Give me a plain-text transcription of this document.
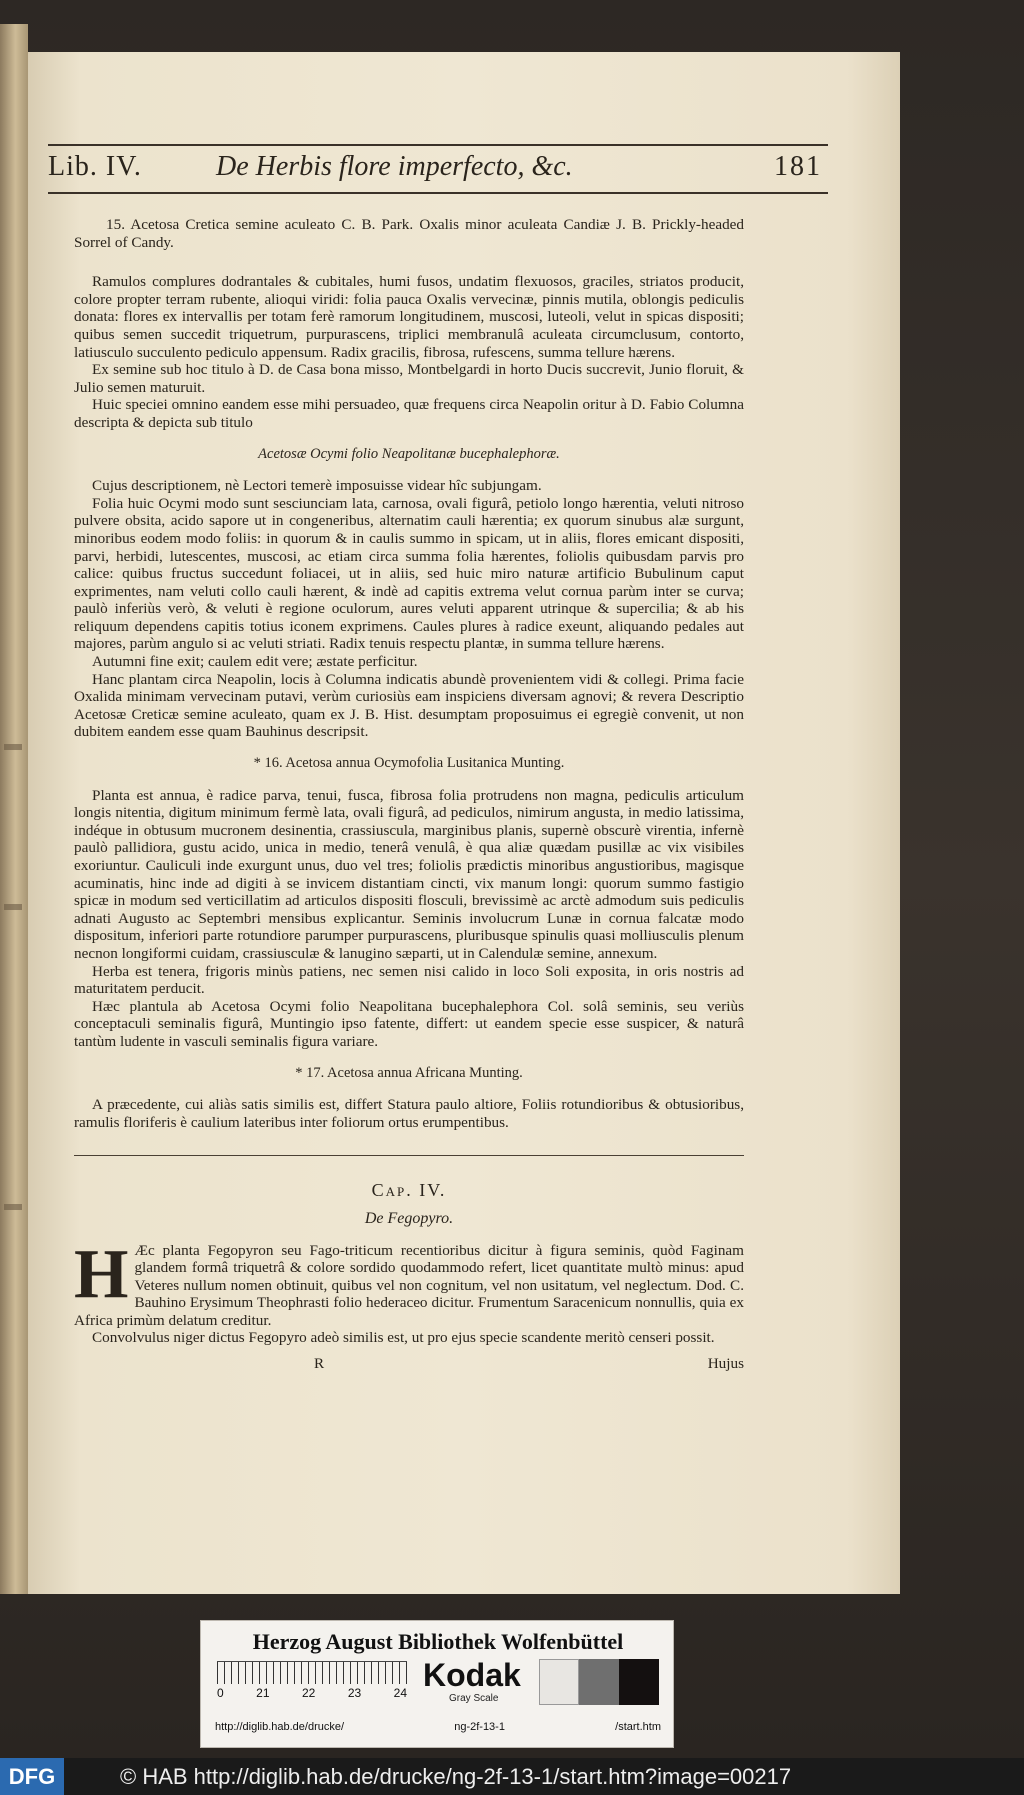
Lib. IV.	De Herbis flore imperfecto, &c.	181

15. Acetosa Cretica semine aculeato C. B. Park. Oxalis minor aculeata Candiæ J. B. Prickly-headed Sorrel of Candy.

Ramulos complures dodrantales & cubitales, humi fusos, undatim flexuosos, graciles, striatos producit, colore propter terram rubente, alioqui viridi: folia pauca Oxalis vervecinæ, pinnis mutila, oblongis pediculis donata: flores ex intervallis per totam ferè ramorum longitudinem, muscosi, luteoli, velut in spicas dispositi; quibus semen succedit triquetrum, purpurascens, triplici membranulâ aculeata circumclusum, contorto, latiusculo succulento pediculo appensum. Radix gracilis, fibrosa, rufescens, summa tellure hærens.

Ex semine sub hoc titulo à D. de Casa bona misso, Montbelgardi in horto Ducis succrevit, Junio floruit, & Julio semen maturuit.

Huic speciei omnino eandem esse mihi persuadeo, quæ frequens circa Neapolin oritur à D. Fabio Columna descripta & depicta sub titulo

Acetosæ Ocymi folio Neapolitanæ bucephalephoræ.

Cujus descriptionem, nè Lectori temerè imposuisse videar hîc subjungam.

Folia huic Ocymi modo sunt sesciunciam lata, carnosa, ovali figurâ, petiolo longo hærentia, veluti nitroso pulvere obsita, acido sapore ut in congeneribus, alternatim cauli hærentia; ex quorum sinubus alæ surgunt, minoribus eodem modo foliis: in quorum & in caulis summo in spicam, ut in aliis, flores emicant dispositi, parvi, herbidi, lutescentes, muscosi, ac etiam circa summa folia hærentes, foliolis quibusdam parvis pro calice: quibus fructus succedunt foliacei, ut in aliis, sed huic miro naturæ artificio Bubulinum caput exprimentes, nam veluti collo cauli hærent, & indè ad capitis extrema velut cornua parùm inter se curva; paulò inferiùs verò, & veluti è regione oculorum, aures veluti apparent utrinque & supercilia; & ab his reliquum dependens capitis totius iconem exprimens. Caules plures à radice exeunt, aliquando pedales aut majores, parùm angulo si ac veluti striati. Radix tenuis respectu plantæ, in summa tellure hærens.

Autumni fine exit; caulem edit vere; æstate perficitur.

Hanc plantam circa Neapolin, locis à Columna indicatis abundè provenientem vidi & collegi. Prima facie Oxalida minimam vervecinam putavi, verùm curiosiùs eam inspiciens diversam agnovi; & revera Descriptio Acetosæ Creticæ semine aculeato, quam ex J. B. Hist. desumptam proposuimus ei egregiè convenit, ut non dubitem eandem esse quam Bauhinus descripsit.

* 16. Acetosa annua Ocymofolia Lusitanica Munting.

Planta est annua, è radice parva, tenui, fusca, fibrosa folia protrudens non magna, pediculis articulum longis nitentia, digitum minimum fermè lata, ovali figurâ, ad pediculos, nimirum angusta, in medio latissima, indéque in obtusum mucronem desinentia, crassiuscula, marginibus planis, supernè obscurè virentia, infernè paulò pallidiora, gustu acido, unica in medio, tenerâ venulâ, è qua aliæ quædam pusillæ ac vix visibiles exoriuntur. Cauliculi inde exurgunt unus, duo vel tres; foliolis prædictis minoribus angustioribus, magisque acuminatis, hinc inde ad digiti à se invicem distantiam cincti, vix manum longi: quorum summo fastigio spicæ in modum sed verticillatim ad articulos dispositi flosculi, brevissimè ac arctè admodum suis pediculis adnati Augusto ac Septembri mensibus explicantur. Seminis involucrum Lunæ in cornua falcatæ modo dispositum, inferiori parte rotundiore parumper purpurascens, pluribusque spinulis quasi molliusculis plenum necnon longiformi cuidam, crassiusculæ & lanugino sæparti, ut in Calendulæ semine, annexum.

Herba est tenera, frigoris minùs patiens, nec semen nisi calido in loco Soli exposita, in oris nostris ad maturitatem perducit.

Hæc plantula ab Acetosa Ocymi folio Neapolitana bucephalephora Col. solâ seminis, seu veriùs conceptaculi seminalis figurâ, Muntingio ipso fatente, differt: ut eandem specie esse suspicer, & naturâ tantùm ludente in vasculi seminalis figura variare.

* 17. Acetosa annua Africana Munting.

A præcedente, cui aliàs satis similis est, differt Statura paulo altiore, Foliis rotundioribus & obtusioribus, ramulis floriferis è caulium lateribus inter foliorum ortus erumpentibus.

Cap. IV.

De Fegopyro.

H Æc planta Fegopyron seu Fago-triticum recentioribus dicitur à figura seminis, quòd Faginam glandem formâ triquetrâ & colore sordido quodammodo refert, licet quantitate multò minus: apud Veteres nullum nomen obtinuit, quibus vel non cognitum, vel non usitatum, vel neglectum. Dod. C. Bauhino Erysimum Theophrasti folio hederaceo dicitur. Frumentum Saracenicum nonnullis, quia ex Africa primùm delatum creditur.

Convolvulus niger dictus Fegopyro adeò similis est, ut pro ejus specie scandente meritò censeri possit.

R	Hujus
Herzog August Bibliothek Wolfenbüttel
0	21	22	23	24 Kodak
Gray Scale
http://diglib.hab.de/drucke/	ng-2f-13-1	/start.htm
DFG	© HAB http://diglib.hab.de/drucke/ng-2f-13-1/start.htm?image=00217
